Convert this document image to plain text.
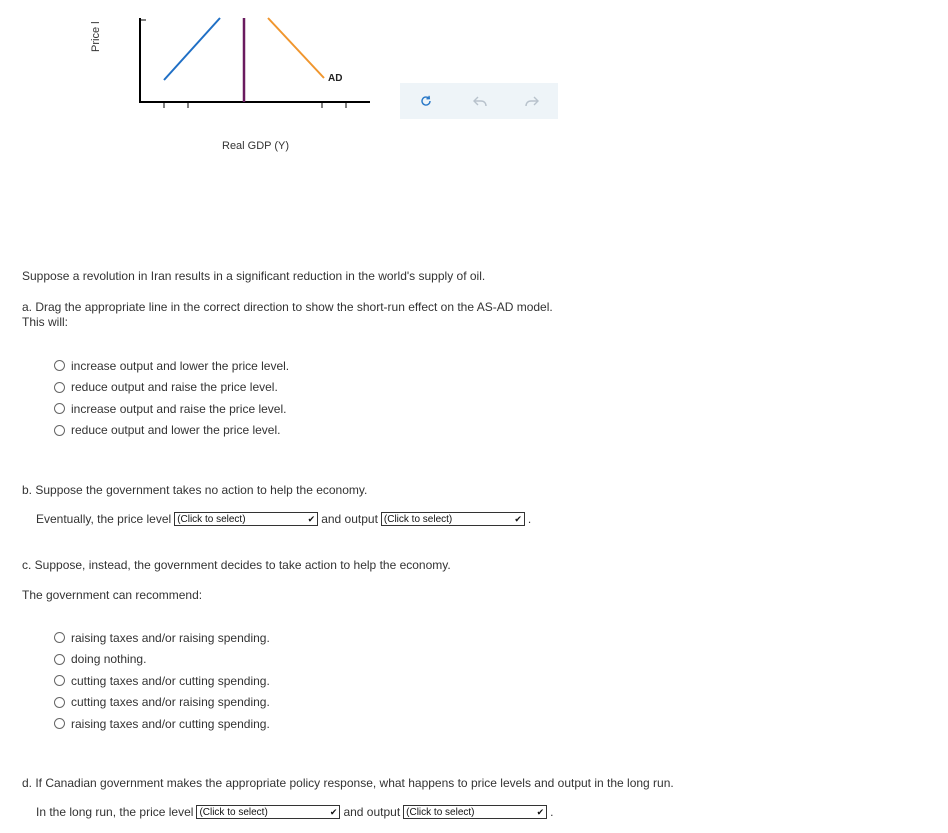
Price l
AD
Real GDP (Y)
Suppose a revolution in Iran results in a significant reduction in the world's supply of oil.
a. Drag the appropriate line in the correct direction to show the short-run effect on the AS-AD model.
This will:
increase output and lower the price level.
reduce output and raise the price level.
increase output and raise the price level.
reduce output and lower the price level.
b. Suppose the government takes no action to help the economy.
Eventually, the price level (Click to select)	✔ and output (Click to select)	✔ .
c. Suppose, instead, the government decides to take action to help the economy.
The government can recommend:
raising taxes and/or raising spending.
doing nothing.
cutting taxes and/or cutting spending.
cutting taxes and/or raising spending.
raising taxes and/or cutting spending.
d. If Canadian government makes the appropriate policy response, what happens to price levels and output in the long run.
In the long run, the price level (Click to select)	✔ and output (Click to select)	✔ .
